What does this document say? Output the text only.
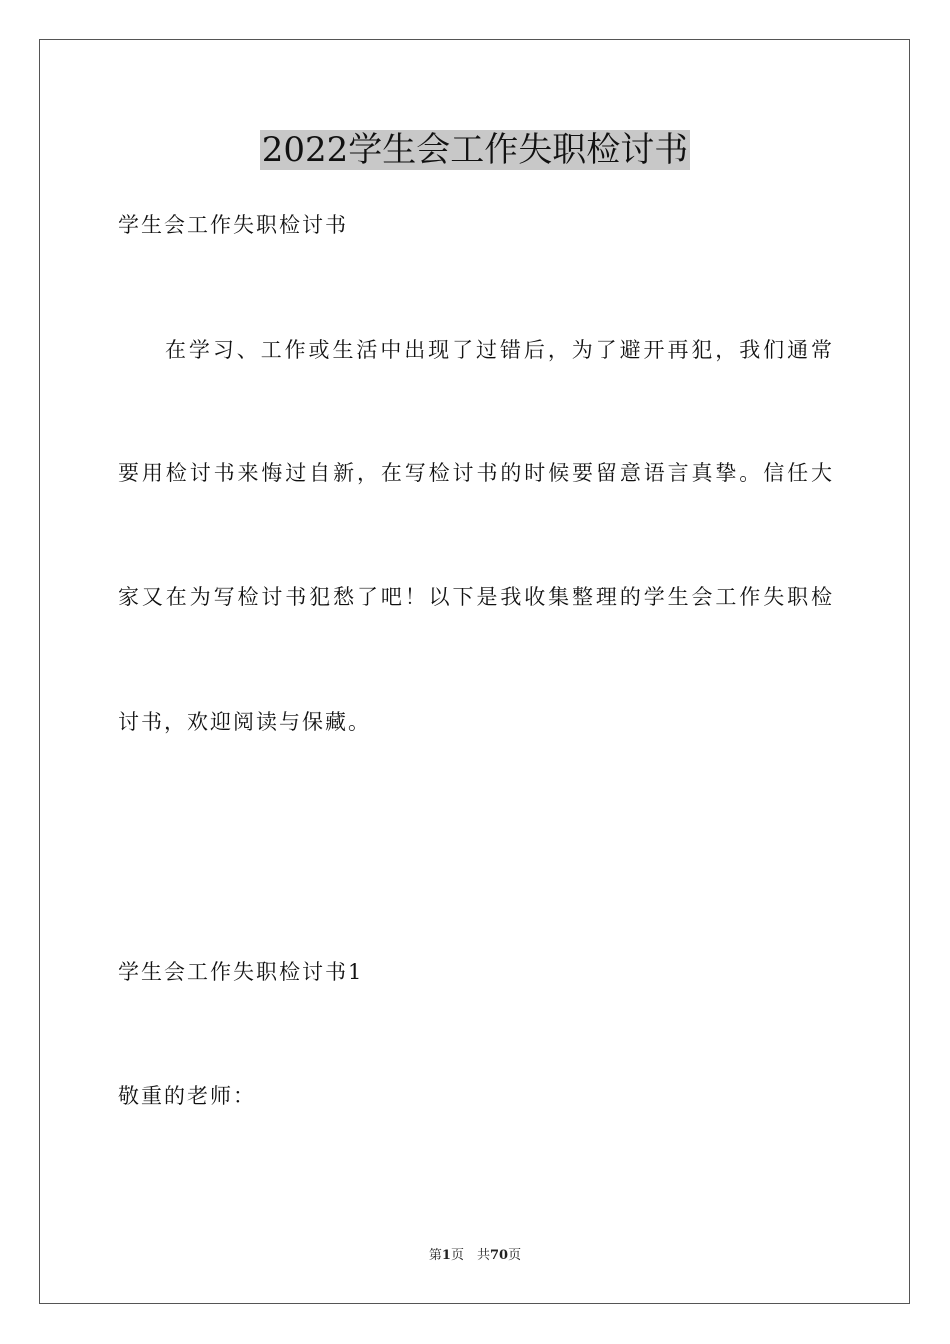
2022学生会工作失职检讨书
学生会工作失职检讨书
在学习、工作或生活中出现了过错后，为了避开再犯，我们通常
要用检讨书来悔过自新，在写检讨书的时候要留意语言真挚。信任大
家又在为写检讨书犯愁了吧！以下是我收集整理的学生会工作失职检
讨书，欢迎阅读与保藏。
学生会工作失职检讨书1
敬重的老师：
第1页　共70页
